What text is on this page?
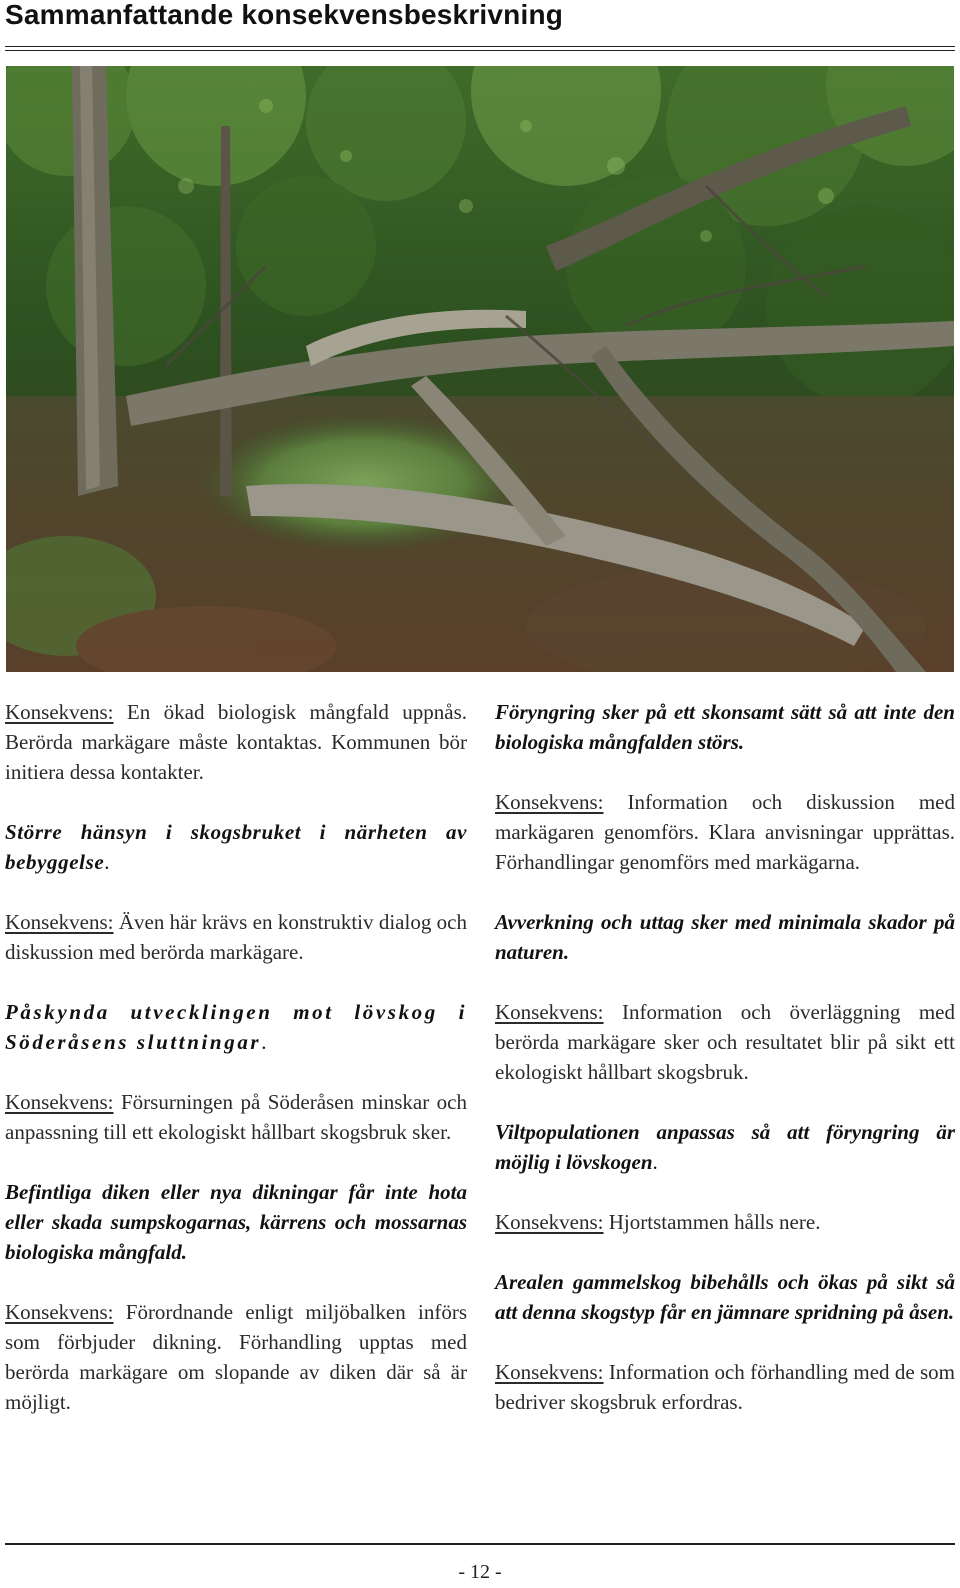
Sammanfattande konsekvensbeskrivning

Konsekvens: En ökad biologisk mångfald uppnås. Berörda markägare måste kontaktas. Kommunen bör initiera dessa kontakter.

Större hänsyn i skogsbruket i närheten av bebyggelse.

Konsekvens: Även här krävs en konstruktiv dialog och diskussion med berörda markägare.

Påskynda utvecklingen mot lövskog i Söderåsens sluttningar.

Konsekvens: Försurningen på Söderåsen minskar och anpassning till ett ekologiskt hållbart skogsbruk sker.

Befintliga diken eller nya dikningar får inte hota eller skada sumpskogarnas, kärrens och mossarnas biologiska mångfald.

Konsekvens: Förordnande enligt miljöbalken införs som förbjuder dikning. Förhandling upptas med berörda markägare om slopande av diken där så är möjligt.

Föryngring sker på ett skonsamt sätt så att inte den biologiska mångfalden störs.

Konsekvens: Information och diskussion med markägaren genomförs. Klara anvisningar upprättas. Förhandlingar genomförs med markägarna.

Avverkning och uttag sker med minimala skador på naturen.

Konsekvens: Information och överläggning med berörda markägare sker och resultatet blir på sikt ett ekologiskt hållbart skogsbruk.

Viltpopulationen anpassas så att föryngring är möjlig i lövskogen.

Konsekvens: Hjortstammen hålls nere.

Arealen gammelskog bibehålls och ökas på sikt så att denna skogstyp får en jämnare spridning på åsen.

Konsekvens: Information och förhandling med de som bedriver skogsbruk erfordras.

- 12 -
